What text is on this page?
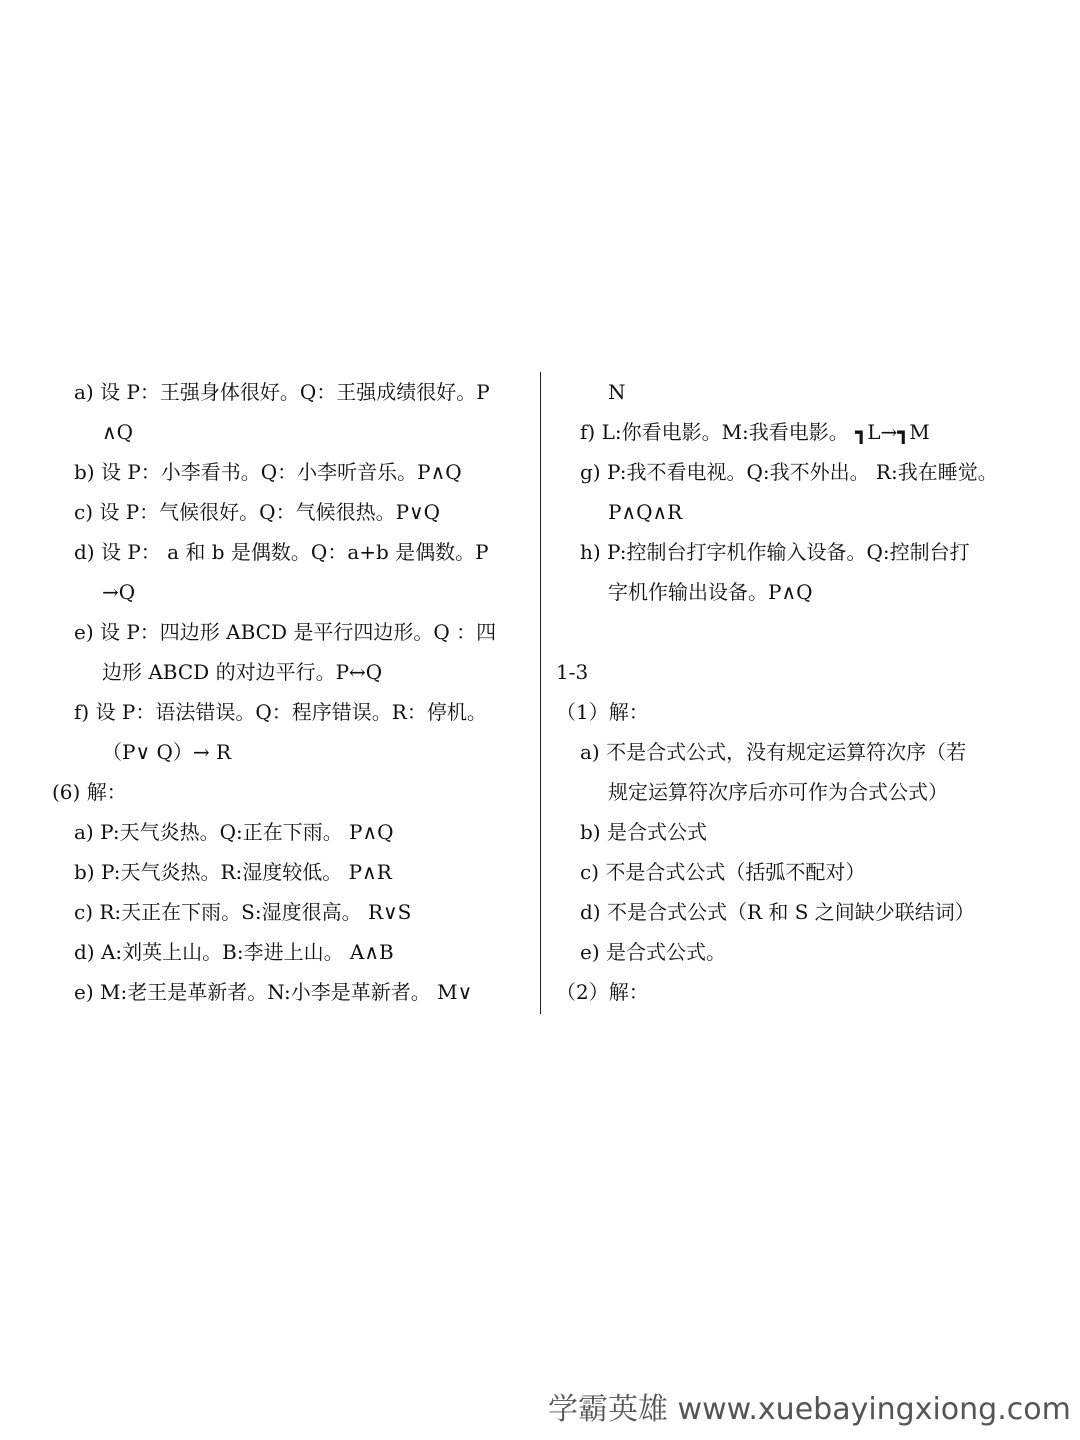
a) 设 P：王强身体很好。Q：王强成绩很好。P
∧Q
b) 设 P：小李看书。Q：小李听音乐。P∧Q
c) 设 P：气候很好。Q：气候很热。P∨Q
d) 设 P： a 和 b 是偶数。Q：a+b 是偶数。P
→Q
e) 设 P：四边形 ABCD 是平行四边形。Q ：四
边形 ABCD 的对边平行。P↔Q
f) 设 P：语法错误。Q：程序错误。R：停机。
（P∨ Q）→ R
(6) 解：
a) P:天气炎热。Q:正在下雨。 P∧Q
b) P:天气炎热。R:湿度较低。 P∧R
c) R:天正在下雨。S:湿度很高。 R∨S
d) A:刘英上山。B:李进上山。 A∧B
e) M:老王是革新者。N:小李是革新者。 M∨
N
f) L:你看电影。M:我看电影。 ┓L→┓M
g) P:我不看电视。Q:我不外出。 R:我在睡觉。
P∧Q∧R
h) P:控制台打字机作输入设备。Q:控制台打
字机作输出设备。P∧Q
1-3
（1）解：
a) 不是合式公式，没有规定运算符次序（若
规定运算符次序后亦可作为合式公式）
b) 是合式公式
c) 不是合式公式（括弧不配对）
d) 不是合式公式（R 和 S 之间缺少联结词）
e) 是合式公式。
（2）解：
学霸英雄 www.xuebayingxiong.com
